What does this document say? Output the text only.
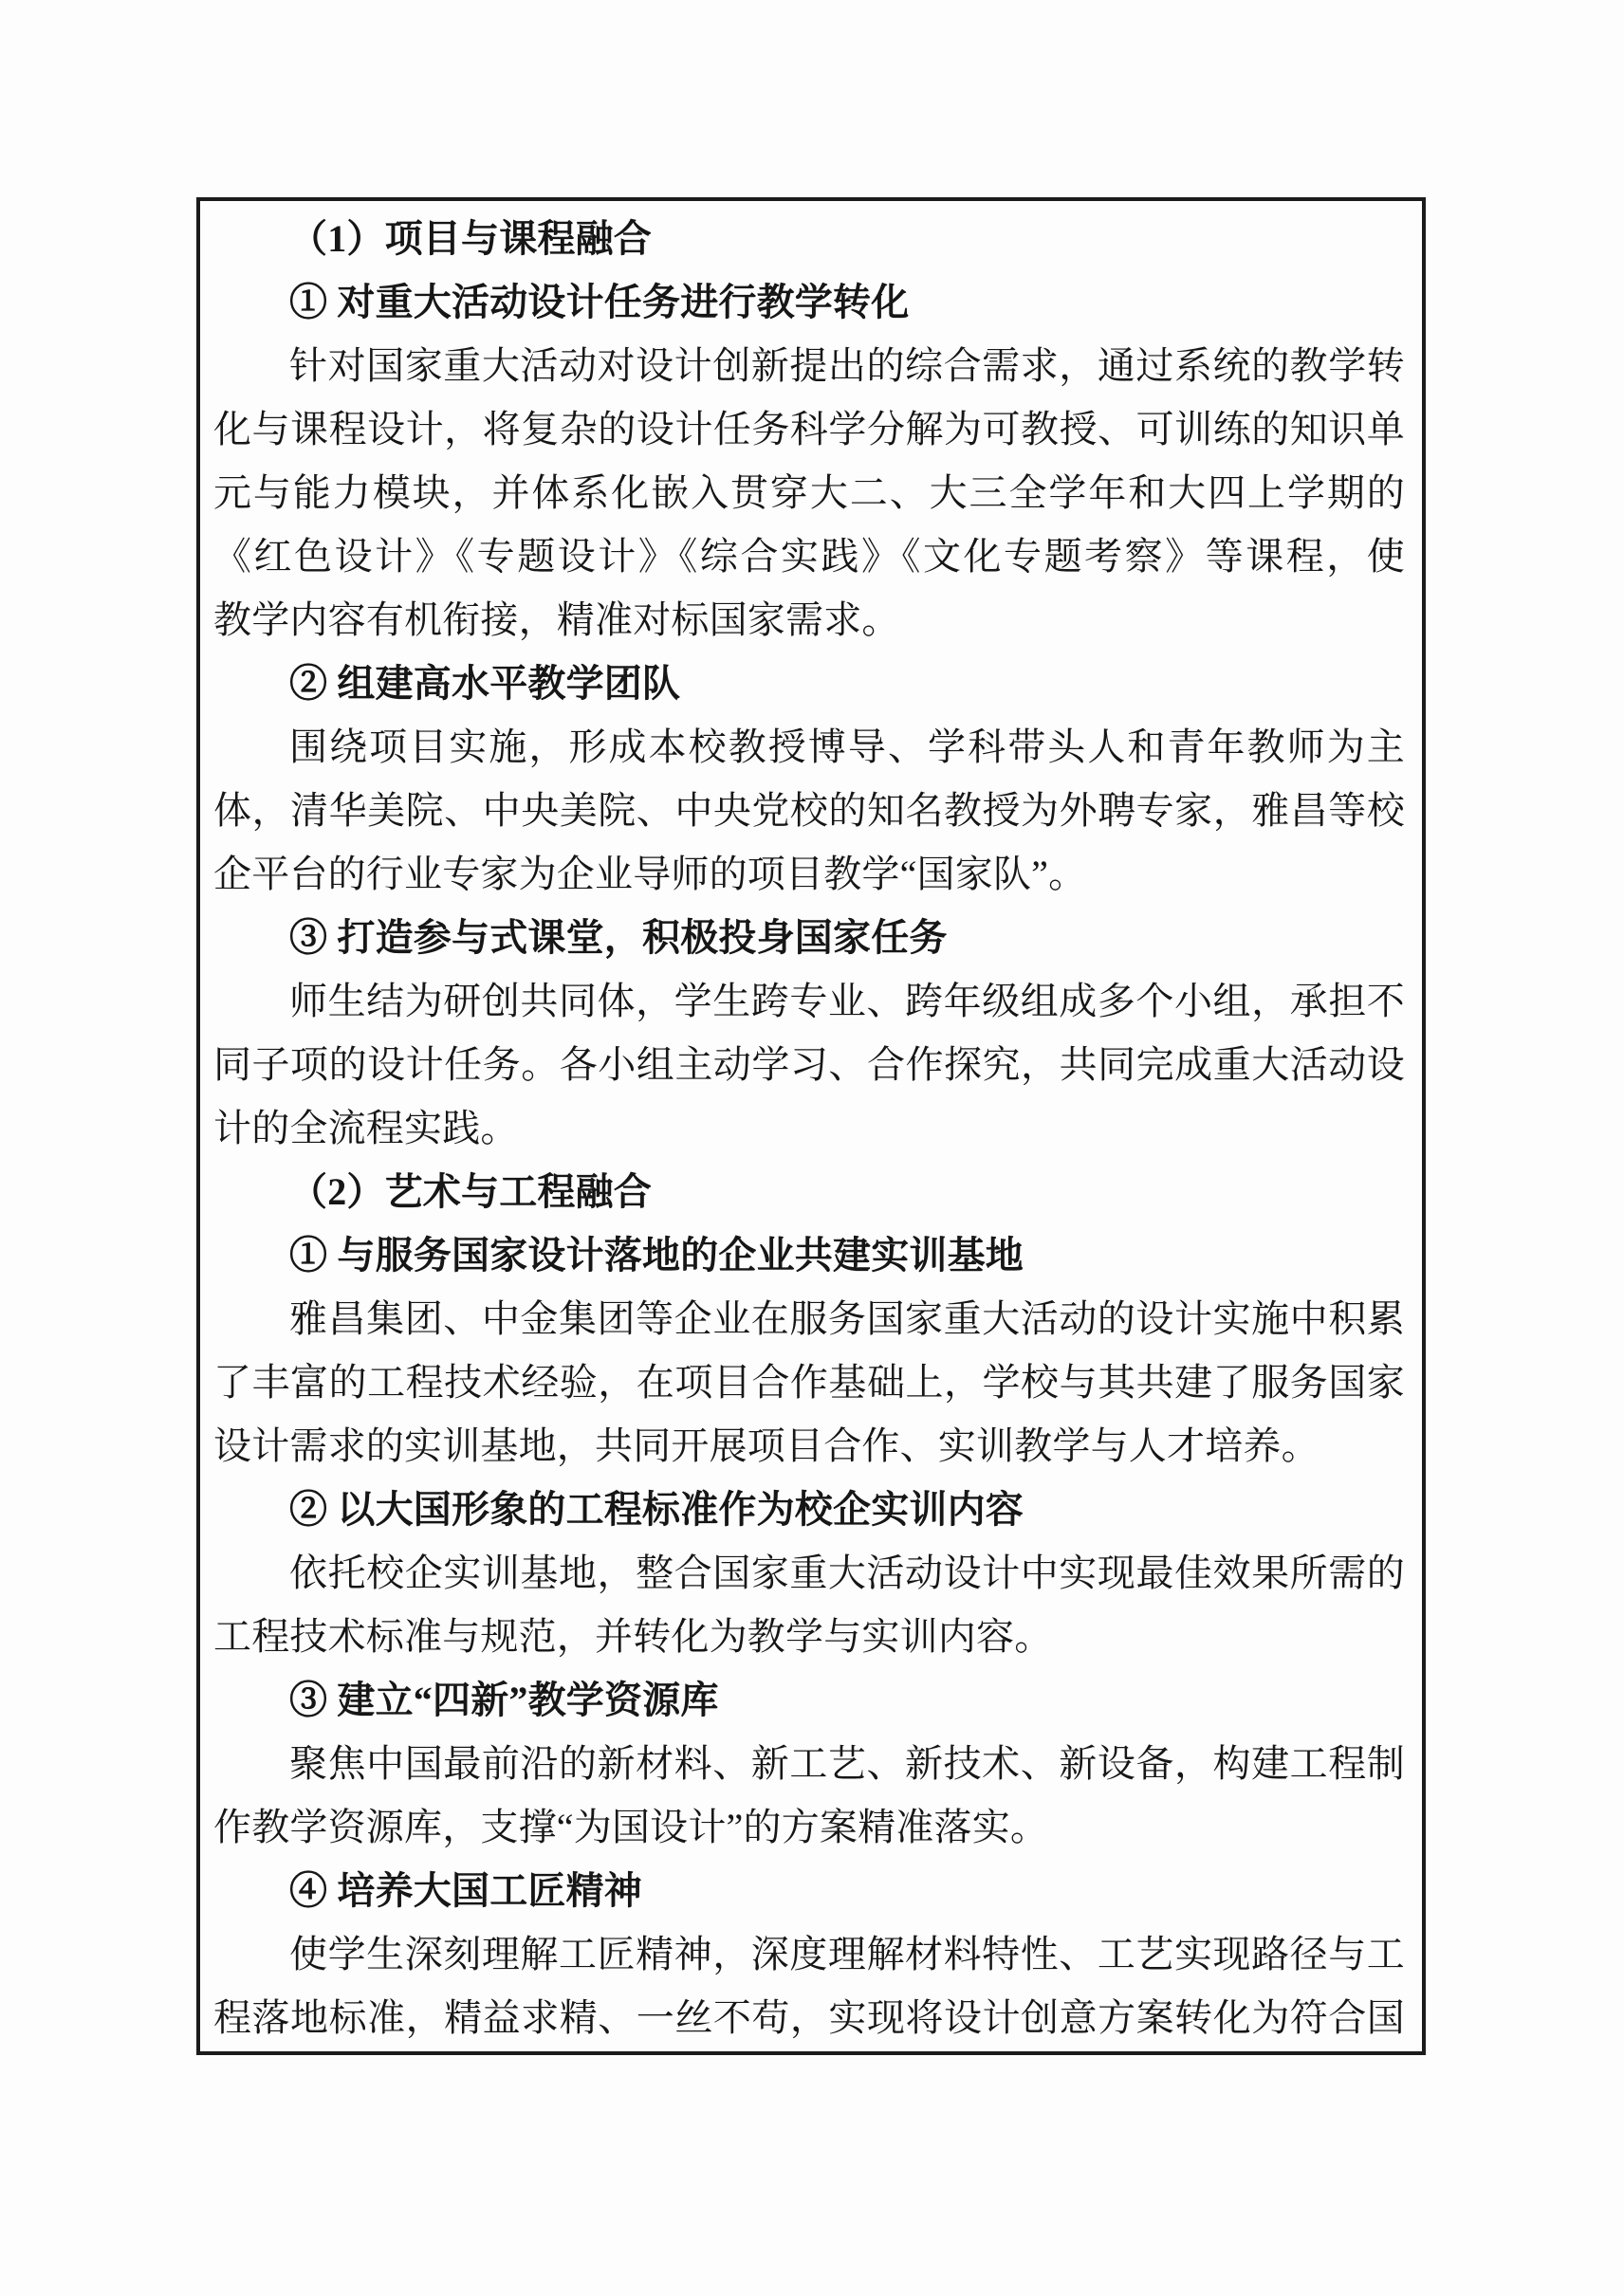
（1）项目与课程融合
① 对重大活动设计任务进行教学转化
针对国家重大活动对设计创新提出的综合需求，通过系统的教学转
化与课程设计，将复杂的设计任务科学分解为可教授、可训练的知识单
元与能力模块，并体系化嵌入贯穿大二、大三全学年和大四上学期的
《红色设计》《专题设计》《综合实践》《文化专题考察》等课程，使
教学内容有机衔接，精准对标国家需求。
② 组建高水平教学团队
围绕项目实施，形成本校教授博导、学科带头人和青年教师为主
体，清华美院、中央美院、中央党校的知名教授为外聘专家，雅昌等校
企平台的行业专家为企业导师的项目教学“国家队”。
③ 打造参与式课堂，积极投身国家任务
师生结为研创共同体，学生跨专业、跨年级组成多个小组，承担不
同子项的设计任务。各小组主动学习、合作探究，共同完成重大活动设
计的全流程实践。
（2）艺术与工程融合
① 与服务国家设计落地的企业共建实训基地
雅昌集团、中金集团等企业在服务国家重大活动的设计实施中积累
了丰富的工程技术经验，在项目合作基础上，学校与其共建了服务国家
设计需求的实训基地，共同开展项目合作、实训教学与人才培养。
② 以大国形象的工程标准作为校企实训内容
依托校企实训基地，整合国家重大活动设计中实现最佳效果所需的
工程技术标准与规范，并转化为教学与实训内容。
③ 建立“四新”教学资源库
聚焦中国最前沿的新材料、新工艺、新技术、新设备，构建工程制
作教学资源库，支撑“为国设计”的方案精准落实。
④ 培养大国工匠精神
使学生深刻理解工匠精神，深度理解材料特性、工艺实现路径与工
程落地标准，精益求精、一丝不苟，实现将设计创意方案转化为符合国
